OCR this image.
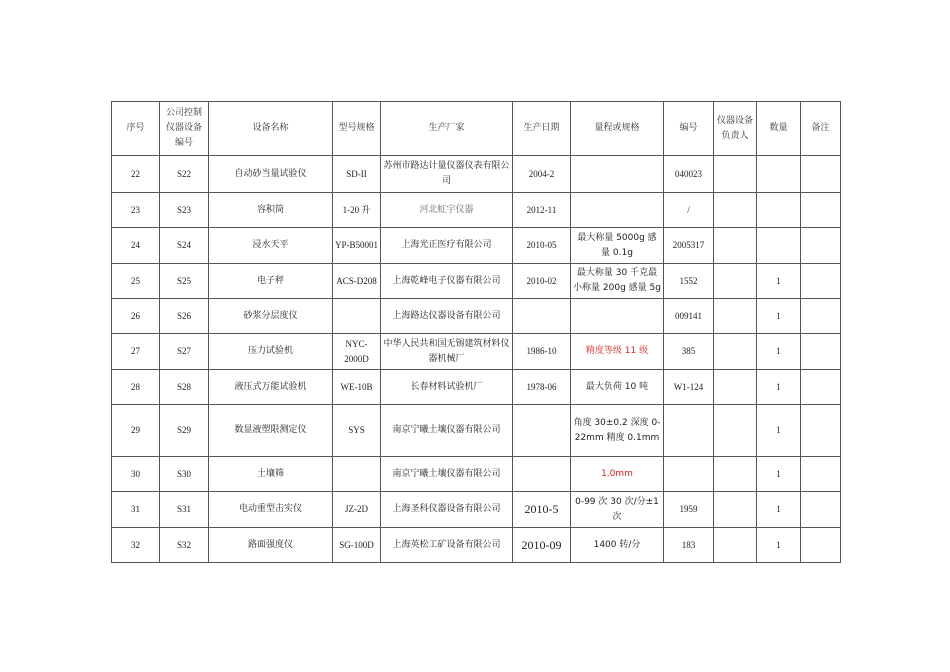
序号	公司控制仪器设备编号	设备名称	型号规格	生产厂家	生产日期	量程或规格	编号	仪器设备负责人	数量	备注
22	S22	自动砂当量试验仪	SD-II	苏州市路达计量仪器仪表有限公司	2004-2		040023			
23	S23	容积筒	1-20 升	河北虹宇仪器	2012-11		/			
24	S24	浸水天平	YP-B50001	上海光正医疗有限公司	2010-05	最大称量 5000g 感量 0.1g	2005317			
25	S25	电子秤	ACS-D208	上海乾峰电子仪器有限公司	2010-02	最大称量 30 千克最小称量 200g 感量 5g	1552		1	
26	S26	砂浆分层度仪		上海路达仪器设备有限公司			009141		1	
27	S27	压力试验机	NYC-2000D	中华人民共和国无锡建筑材料仪器机械厂	1986-10	精度等级 11 级	385		1	
28	S28	液压式万能试验机	WE-10B	长春材料试验机厂	1978-06	最大负荷 10 吨	W1-124		1	
29	S29	数显液塑限测定仪	SYS	南京宁曦土壤仪器有限公司		角度 30±0.2 深度 0-22mm 精度 0.1mm			1	
30	S30	土壤筛		南京宁曦土壤仪器有限公司		1.0mm			1	
31	S31	电动重型击实仪	JZ-2D	上海圣科仪器设备有限公司	2010-5	0-99 次 30 次/分±1 次	1959		1	
32	S32	路面强度仪	SG-100D	上海英松工矿设备有限公司	2010-09	1400 转/分	183		1	
